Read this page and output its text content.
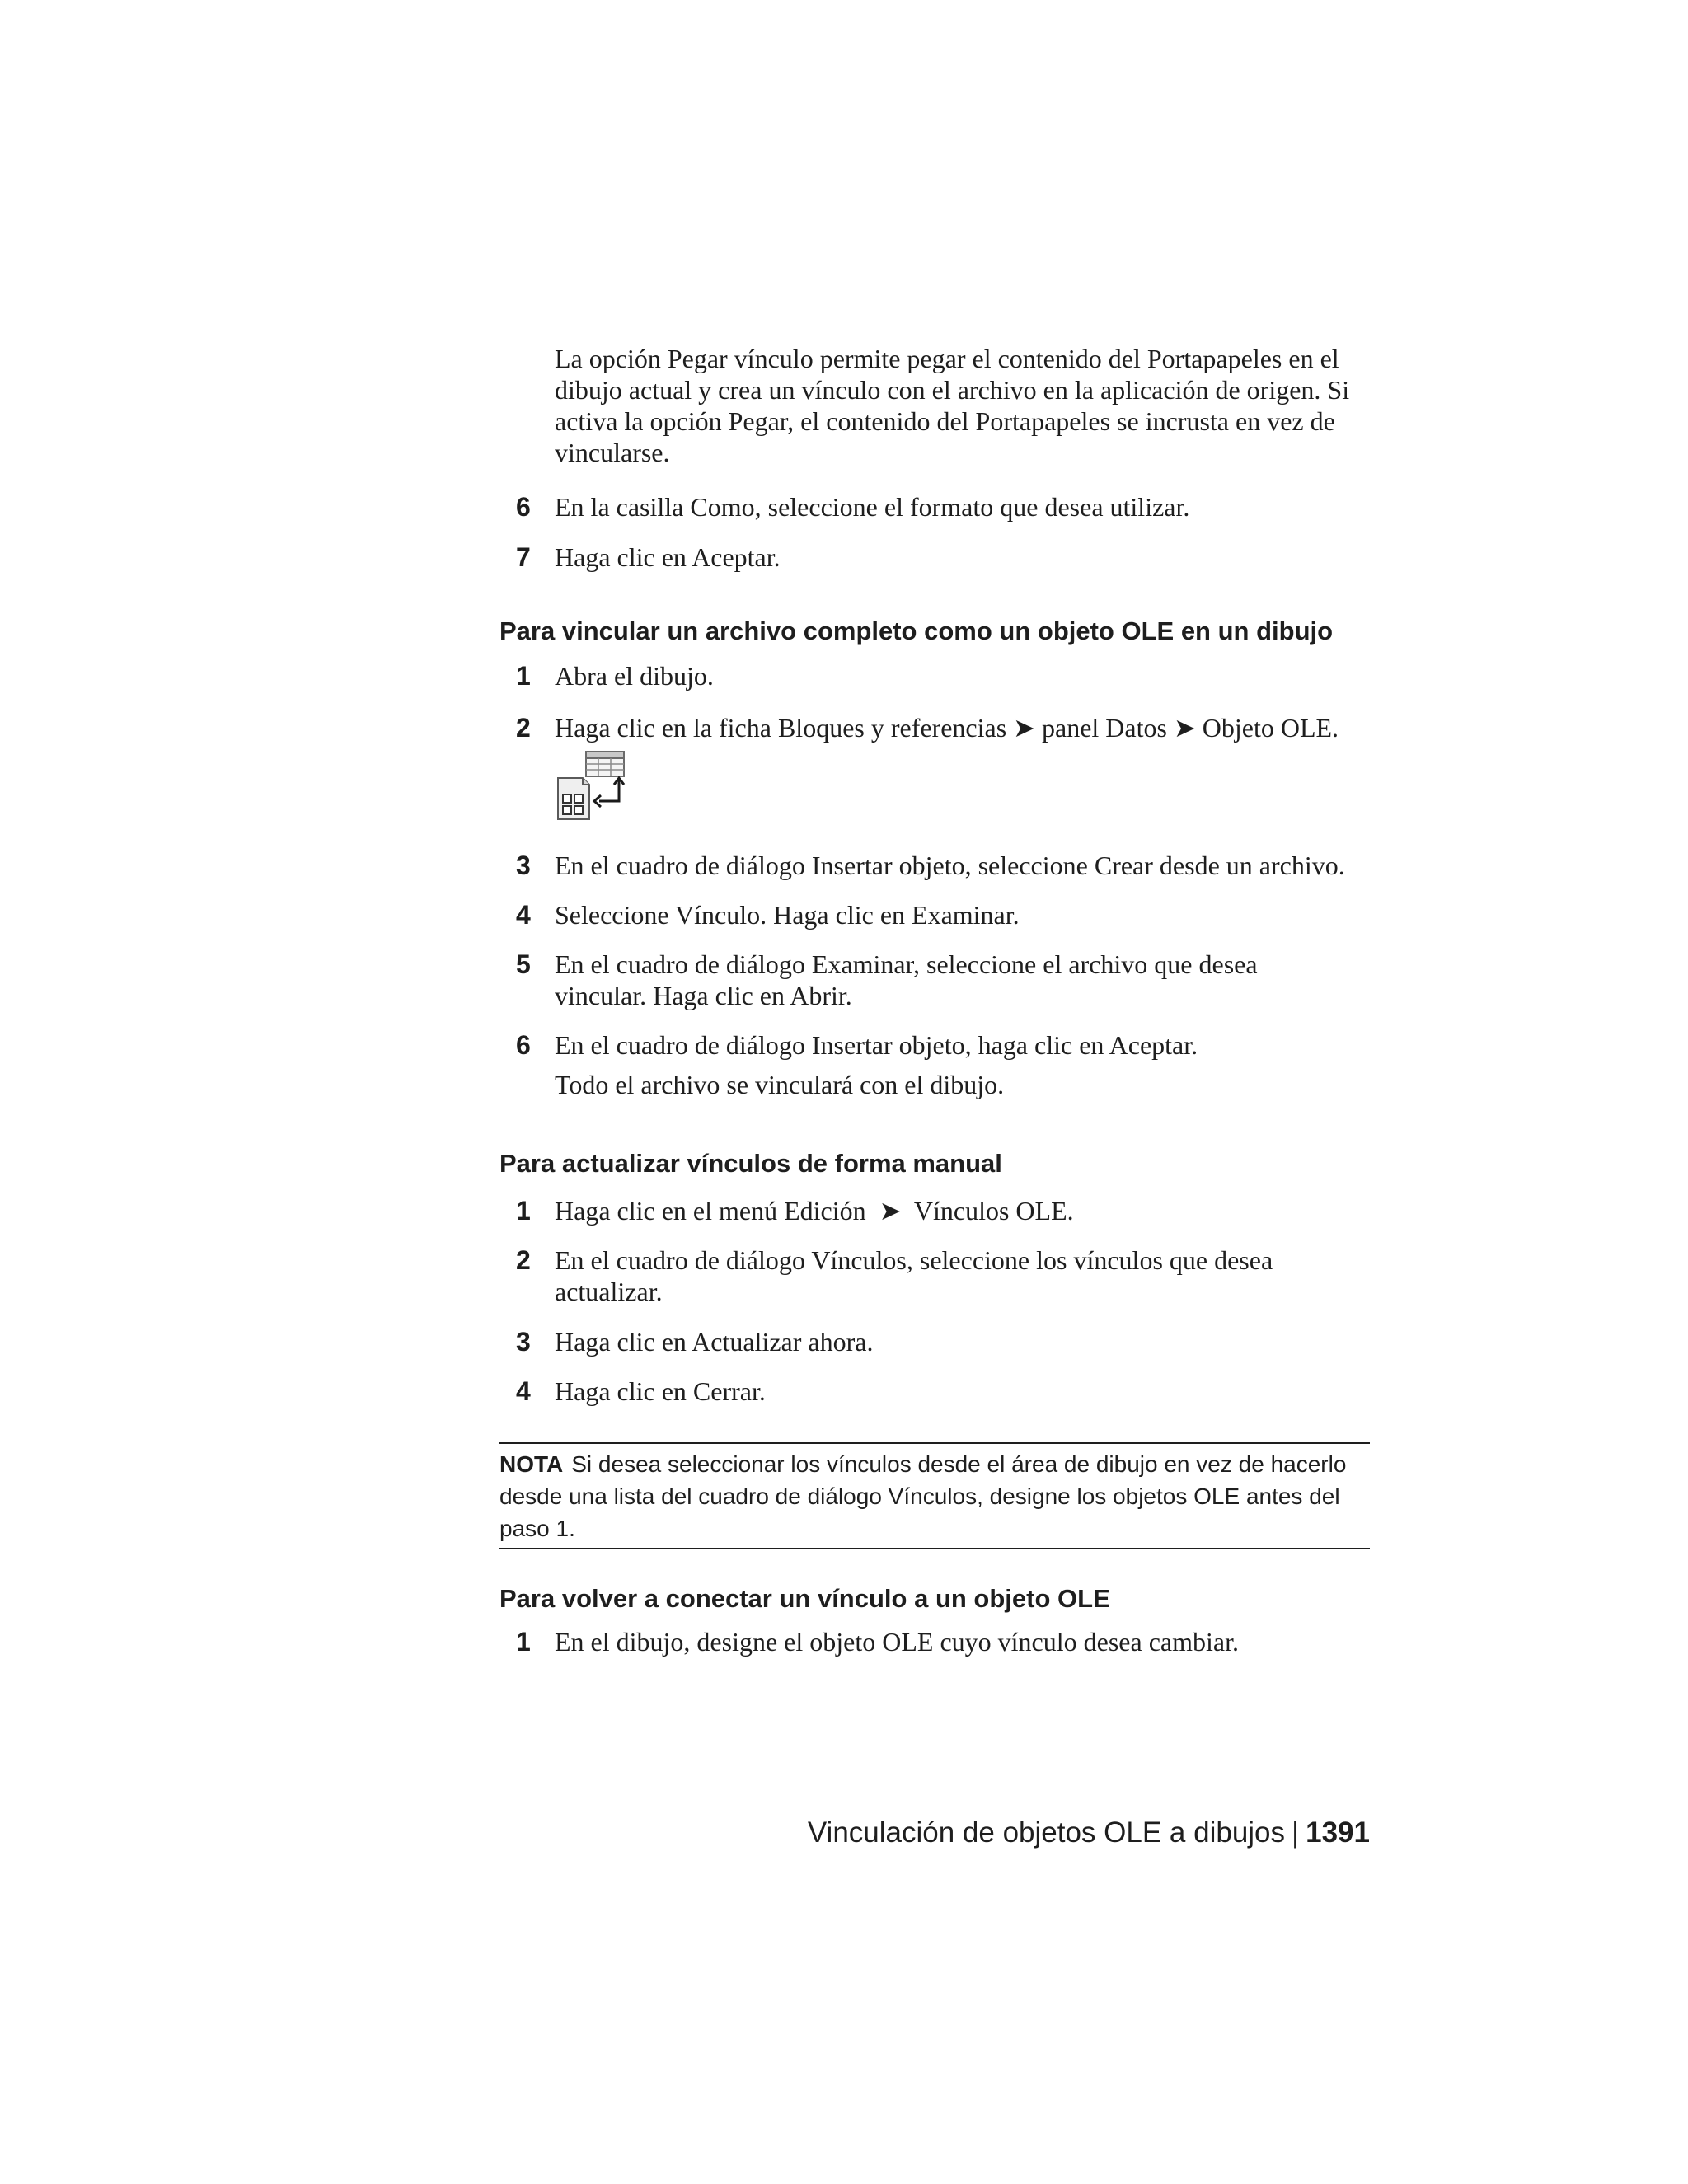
La opción Pegar vínculo permite pegar el contenido del Portapapeles en el dibujo actual y crea un vínculo con el archivo en la aplicación de origen. Si activa la opción Pegar, el contenido del Portapapeles se incrusta en vez de vincularse.
6 En la casilla Como, seleccione el formato que desea utilizar.
7 Haga clic en Aceptar.
Para vincular un archivo completo como un objeto OLE en un dibujo
1 Abra el dibujo.
2 Haga clic en la ficha Bloques y referencias ➤ panel Datos ➤ Objeto OLE.
3 En el cuadro de diálogo Insertar objeto, seleccione Crear desde un archivo.
4 Seleccione Vínculo. Haga clic en Examinar.
5 En el cuadro de diálogo Examinar, seleccione el archivo que desea vincular. Haga clic en Abrir.
6 En el cuadro de diálogo Insertar objeto, haga clic en Aceptar.
Todo el archivo se vinculará con el dibujo.
Para actualizar vínculos de forma manual
1 Haga clic en el menú Edición  ➤  Vínculos OLE.
2 En el cuadro de diálogo Vínculos, seleccione los vínculos que desea actualizar.
3 Haga clic en Actualizar ahora.
4 Haga clic en Cerrar.
NOTA Si desea seleccionar los vínculos desde el área de dibujo en vez de hacerlo desde una lista del cuadro de diálogo Vínculos, designe los objetos OLE antes del paso 1.
Para volver a conectar un vínculo a un objeto OLE
1 En el dibujo, designe el objeto OLE cuyo vínculo desea cambiar.
Vinculación de objetos OLE a dibujos | 1391
